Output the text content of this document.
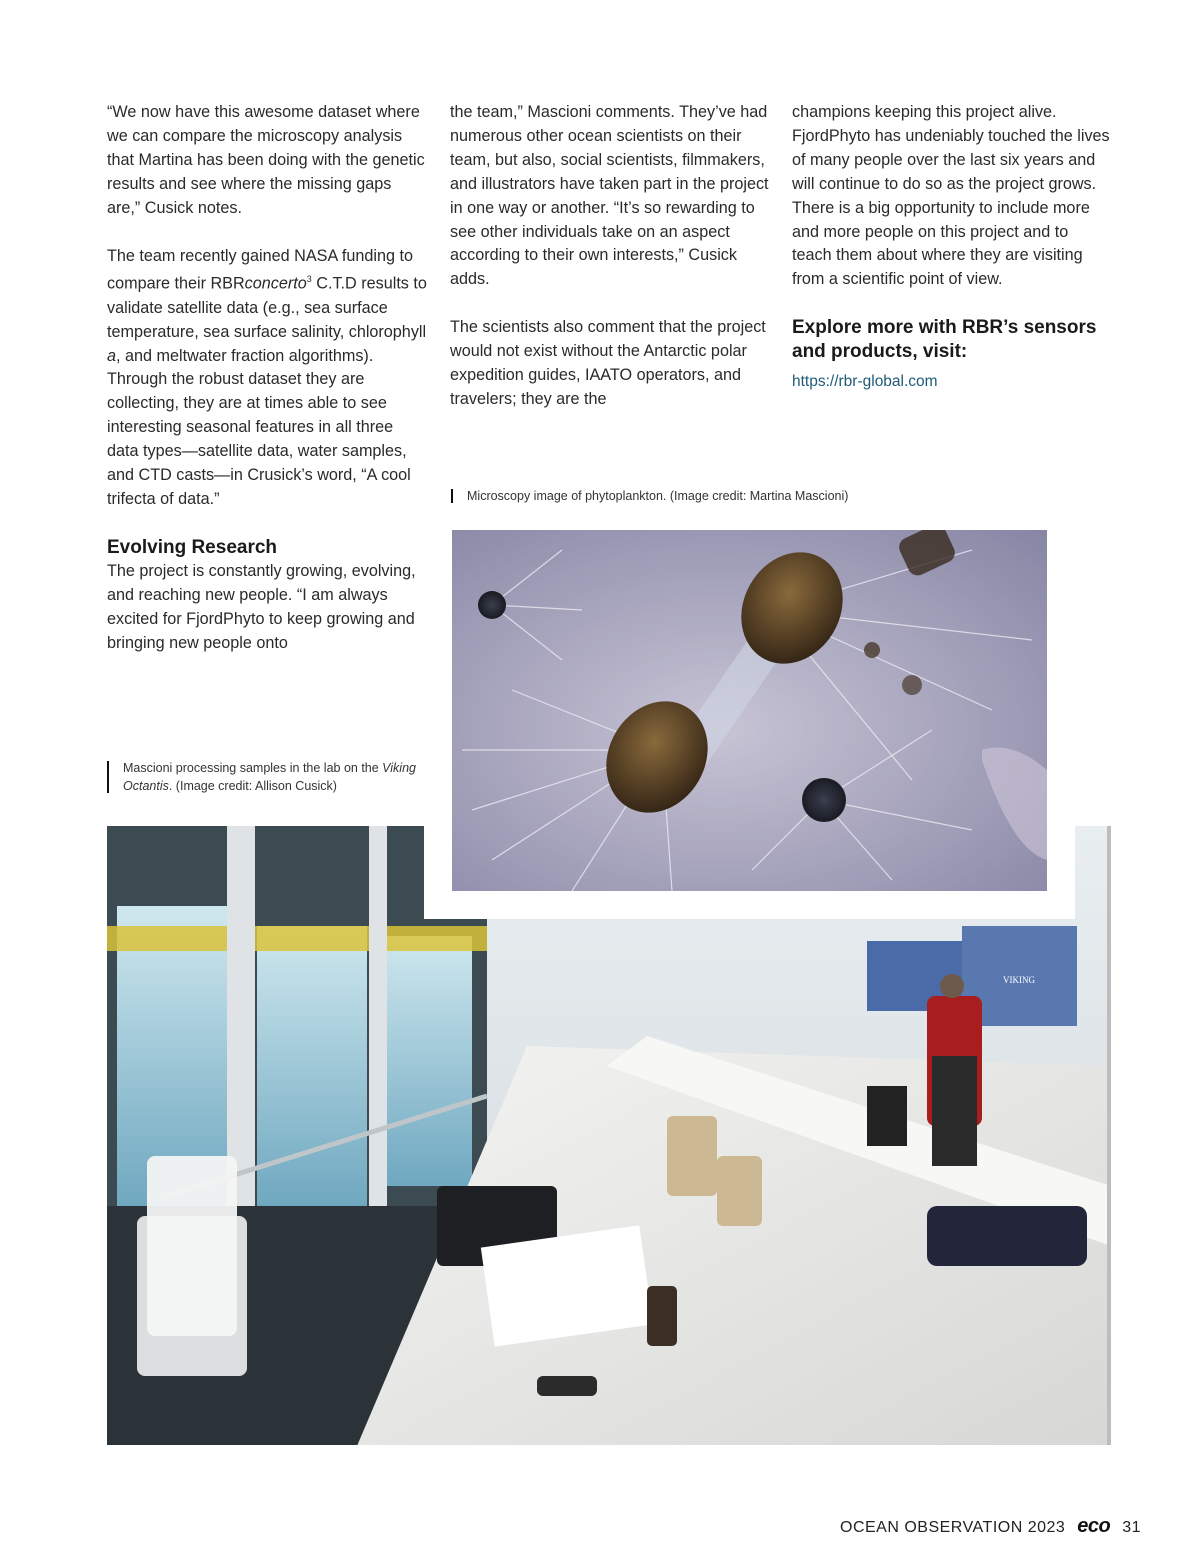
“We now have this awesome dataset where we can compare the microscopy analysis that Martina has been doing with the genetic results and see where the missing gaps are,” Cusick notes.

The team recently gained NASA funding to compare their RBRconcerto$^3$ C.T.D results to validate satellite data (e.g., sea surface temperature, sea surface salinity, chlorophyll a, and meltwater fraction algorithms). Through the robust dataset they are collecting, they are at times able to see interesting seasonal features in all three data types—satellite data, water samples, and CTD casts—in Crusick’s word, “A cool trifecta of data.”

Evolving Research

The project is constantly growing, evolving, and reaching new people. “I am always excited for FjordPhyto to keep growing and bringing new people onto

the team,” Mascioni comments. They’ve had numerous other ocean scientists on their team, but also, social scientists, filmmakers, and illustrators have taken part in the project in one way or another. “It’s so rewarding to see other individuals take on an aspect according to their own interests,” Cusick adds.

The scientists also comment that the project would not exist without the Antarctic polar expedition guides, IAATO operators, and travelers; they are the

champions keeping this project alive. FjordPhyto has undeniably touched the lives of many people over the last six years and will continue to do so as the project grows. There is a big opportunity to include more and more people on this project and to teach them about where they are visiting from a scientific point of view.

Explore more with RBR’s sensors and products, visit:
https://rbr-global.com
Microscopy image of phytoplankton. (Image credit: Martina Mascioni)
Mascioni processing samples in the lab on the Viking Octantis. (Image credit: Allison Cusick)
VIKING
OCEAN OBSERVATION 2023 eco 31
